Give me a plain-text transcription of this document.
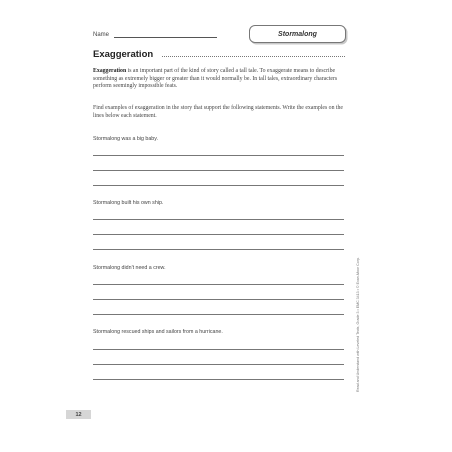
Name	Stormalong
Exaggeration
Exaggeration is an important part of the kind of story called a tall tale. To exaggerate means to describe something as extremely bigger or greater than it would normally be. In tall tales, extraordinary characters perform seemingly impossible feats.
Find examples of exaggeration in the story that support the following statements. Write the examples on the lines below each statement.
Stormalong was a big baby.
Stormalong built his own ship.
Stormalong didn't need a crew.
Stormalong rescued ships and sailors from a hurricane.
12
Read and Understand with Leveled Texts, Grade 3 • EMC 3413 • © Evan-Moor Corp.
